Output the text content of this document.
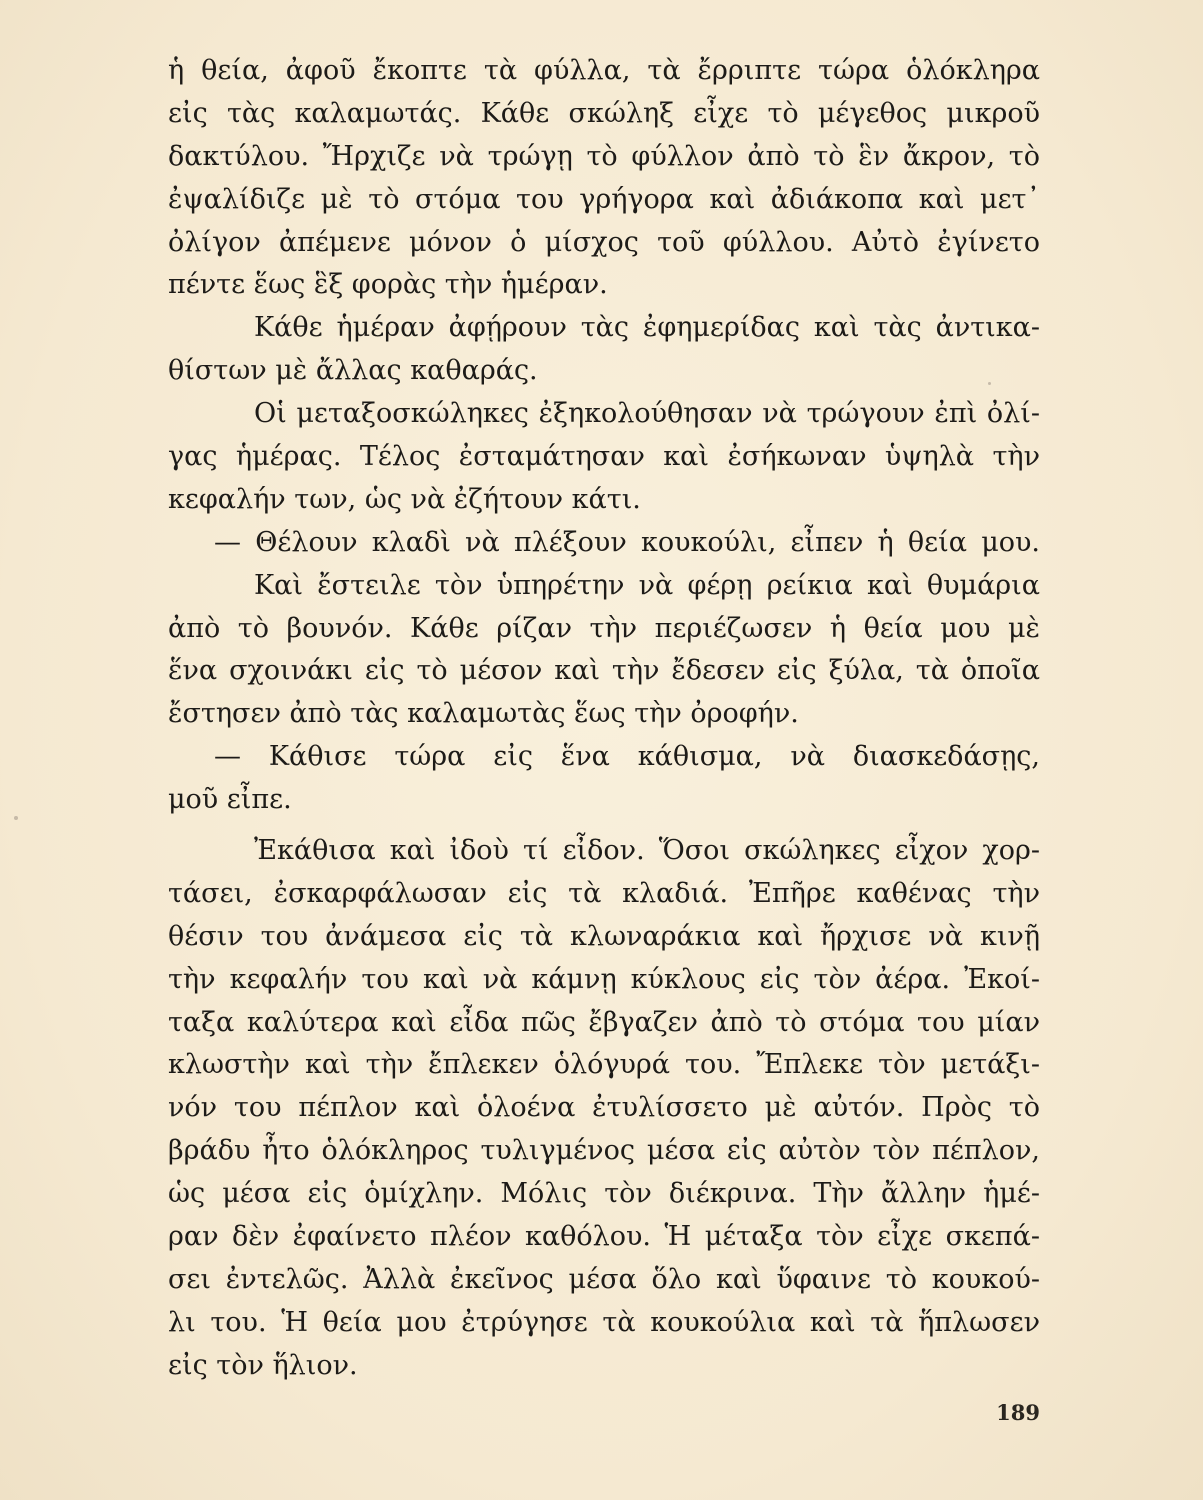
ἡ θεία, ἀφοῦ ἔκοπτε τὰ φύλλα, τὰ ἔρριπτε τώρα ὁλόκληρα
εἰς τὰς καλαμωτάς. Κάθε σκώληξ εἶχε τὸ μέγεθος μικροῦ
δακτύλου. Ἤρχιζε νὰ τρώγῃ τὸ φύλλον ἀπὸ τὸ ἓν ἄκρον, τὸ
ἐψαλίδιζε μὲ τὸ στόμα του γρήγορα καὶ ἀδιάκοπα καὶ μετ᾽
ὀλίγον ἀπέμενε μόνον ὁ μίσχος τοῦ φύλλου. Αὐτὸ ἐγίνετο
πέντε ἕως ἓξ φορὰς τὴν ἡμέραν.
Κάθε ἡμέραν ἀφῄρουν τὰς ἐφημερίδας καὶ τὰς ἀντικα-
θίστων μὲ ἄλλας καθαράς.
Οἱ μεταξοσκώληκες ἐξηκολούθησαν νὰ τρώγουν ἐπὶ ὀλί-
γας ἡμέρας. Τέλος ἐσταμάτησαν καὶ ἐσήκωναν ὑψηλὰ τὴν
κεφαλήν των, ὡς νὰ ἐζήτουν κάτι.
— Θέλουν κλαδὶ νὰ πλέξουν κουκούλι, εἶπεν ἡ θεία μου.
Καὶ ἔστειλε τὸν ὑπηρέτην νὰ φέρῃ ρείκια καὶ θυμάρια
ἀπὸ τὸ βουνόν. Κάθε ρίζαν τὴν περιέζωσεν ἡ θεία μου μὲ
ἕνα σχοινάκι εἰς τὸ μέσον καὶ τὴν ἔδεσεν εἰς ξύλα, τὰ ὁποῖα
ἔστησεν ἀπὸ τὰς καλαμωτὰς ἕως τὴν ὀροφήν.
— Κάθισε τώρα εἰς ἕνα κάθισμα, νὰ διασκεδάσῃς,
μοῦ εἶπε.
Ἐκάθισα καὶ ἰδοὺ τί εἶδον. Ὅσοι σκώληκες εἶχον χορ-
τάσει, ἐσκαρφάλωσαν εἰς τὰ κλαδιά. Ἐπῆρε καθένας τὴν
θέσιν του ἀνάμεσα εἰς τὰ κλωναράκια καὶ ἤρχισε νὰ κινῇ
τὴν κεφαλήν του καὶ νὰ κάμνῃ κύκλους εἰς τὸν ἀέρα. Ἐκοί-
ταξα καλύτερα καὶ εἶδα πῶς ἔβγαζεν ἀπὸ τὸ στόμα του μίαν
κλωστὴν καὶ τὴν ἔπλεκεν ὁλόγυρά του. Ἔπλεκε τὸν μετάξι-
νόν του πέπλον καὶ ὁλοένα ἐτυλίσσετο μὲ αὐτόν. Πρὸς τὸ
βράδυ ἦτο ὁλόκληρος τυλιγμένος μέσα εἰς αὐτὸν τὸν πέπλον,
ὡς μέσα εἰς ὁμίχλην. Μόλις τὸν διέκρινα. Τὴν ἄλλην ἡμέ-
ραν δὲν ἐφαίνετο πλέον καθόλου. Ἡ μέταξα τὸν εἶχε σκεπά-
σει ἐντελῶς. Ἀλλὰ ἐκεῖνος μέσα ὅλο καὶ ὕφαινε τὸ κουκού-
λι του. Ἡ θεία μου ἐτρύγησε τὰ κουκούλια καὶ τὰ ἥπλωσεν
εἰς τὸν ἥλιον.
189
